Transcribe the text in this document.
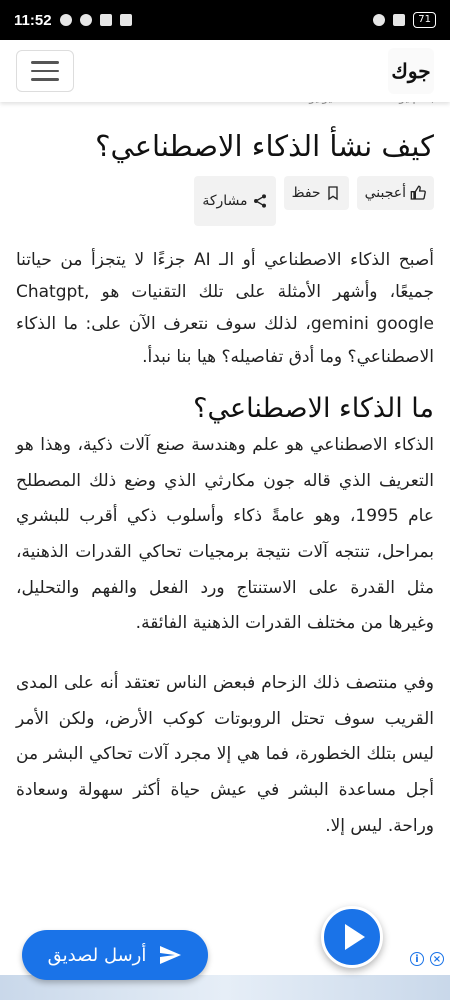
11:52	71
جوك
كيف نشأ الذكاء الاصطناعي؟
أعجبني
حفظ
مشاركة

أصبح الذكاء الاصطناعي أو الـ AI جزءًا لا يتجزأ من حياتنا جميعًا، وأشهر الأمثلة على تلك التقنيات هو Chatgpt, gemini google، لذلك سوف نتعرف الآن على: ما الذكاء الاصطناعي؟ وما أدق تفاصيله؟ هيا بنا نبدأ.

ما الذكاء الاصطناعي؟

الذكاء الاصطناعي هو علم وهندسة صنع آلات ذكية، وهذا هو التعريف الذي قاله جون مكارثي الذي وضع ذلك المصطلح عام 1995، وهو عامةً ذكاء وأسلوب ذكي أقرب للبشري بمراحل، تنتجه آلات نتيجة برمجيات تحاكي القدرات الذهنية، مثل القدرة على الاستنتاج ورد الفعل والفهم والتحليل، وغيرها من مختلف القدرات الذهنية الفائقة.

وفي منتصف ذلك الزحام فبعض الناس تعتقد أنه على المدى القريب سوف تحتل الروبوتات كوكب الأرض، ولكن الأمر ليس بتلك الخطورة، فما هي إلا مجرد آلات تحاكي البشر من أجل مساعدة البشر في عيش حياة أكثر سهولة وسعادة وراحة. ليس إلا.

أرسل لصديق	i	×
